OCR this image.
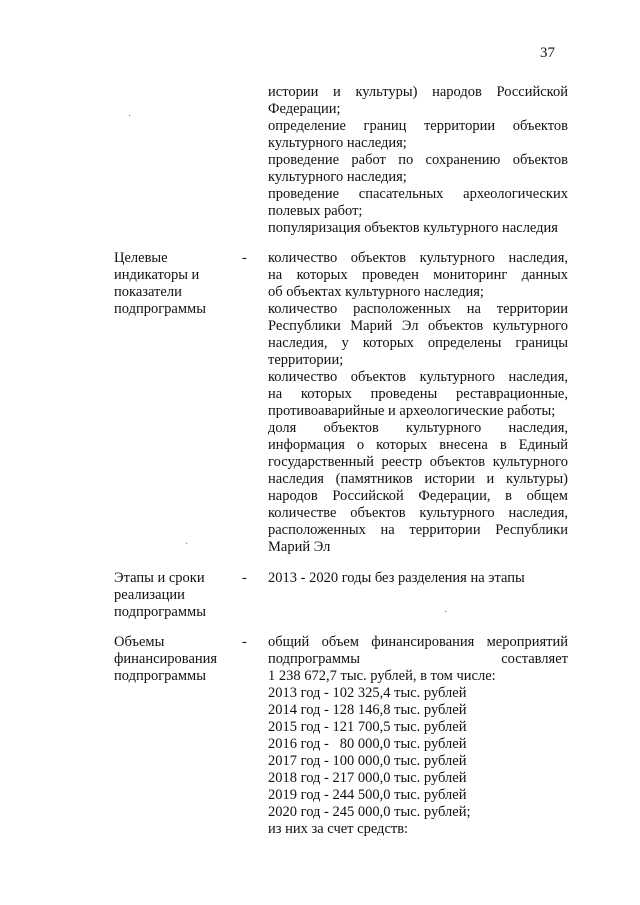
37
истории и культуры) народов Российской
Федерации;
определение границ территории объектов
культурного наследия;
проведение работ по сохранению объектов
культурного наследия;
проведение спасательных археологических
полевых работ;
популяризация объектов культурного наследия
Целевые
индикаторы и
показатели
подпрограммы
- количество объектов культурного наследия,
на которых проведен мониторинг данных
об объектах культурного наследия;
количество расположенных на территории
Республики Марий Эл объектов культурного
наследия, у которых определены границы
территории;
количество объектов культурного наследия,
на которых проведены реставрационные,
противоаварийные и археологические работы;
доля объектов культурного наследия,
информация о которых внесена в Единый
государственный реестр объектов культурного
наследия (памятников истории и культуры)
народов Российской Федерации, в общем
количестве объектов культурного наследия,
расположенных на территории Республики
Марий Эл
Этапы и сроки
реализации
подпрограммы
- 2013 - 2020 годы без разделения на этапы
Объемы
финансирования
подпрограммы
- общий объем финансирования мероприятий
подпрограммы составляет
1 238 672,7 тыс. рублей, в том числе:
2013 год - 102 325,4 тыс. рублей
2014 год - 128 146,8 тыс. рублей
2015 год - 121 700,5 тыс. рублей
2016 год -   80 000,0 тыс. рублей
2017 год - 100 000,0 тыс. рублей
2018 год - 217 000,0 тыс. рублей
2019 год - 244 500,0 тыс. рублей
2020 год - 245 000,0 тыс. рублей;
из них за счет средств:
·
·
·
